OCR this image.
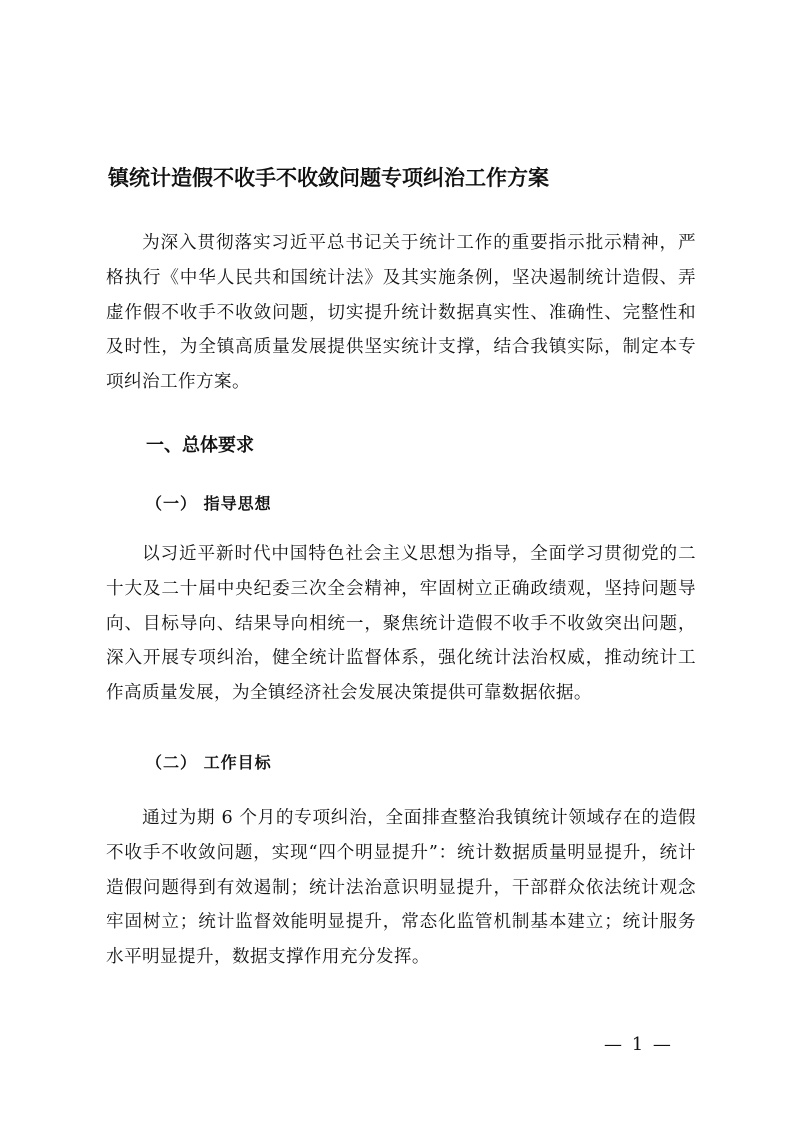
镇统计造假不收手不收敛问题专项纠治工作方案

为深入贯彻落实习近平总书记关于统计工作的重要指示批示精神，严格执行《中华人民共和国统计法》及其实施条例，坚决遏制统计造假、弄虚作假不收手不收敛问题，切实提升统计数据真实性、准确性、完整性和及时性，为全镇高质量发展提供坚实统计支撑，结合我镇实际，制定本专项纠治工作方案。

一、总体要求
（一） 指导思想

以习近平新时代中国特色社会主义思想为指导，全面学习贯彻党的二十大及二十届中央纪委三次全会精神，牢固树立正确政绩观，坚持问题导向、目标导向、结果导向相统一，聚焦统计造假不收手不收敛突出问题，深入开展专项纠治，健全统计监督体系，强化统计法治权威，推动统计工作高质量发展，为全镇经济社会发展决策提供可靠数据依据。

（二） 工作目标

通过为期 6 个月的专项纠治，全面排查整治我镇统计领域存在的造假不收手不收敛问题，实现“四个明显提升”：统计数据质量明显提升，统计造假问题得到有效遏制；统计法治意识明显提升，干部群众依法统计观念牢固树立；统计监督效能明显提升，常态化监管机制基本建立；统计服务水平明显提升，数据支撑作用充分发挥。

— 1 —
